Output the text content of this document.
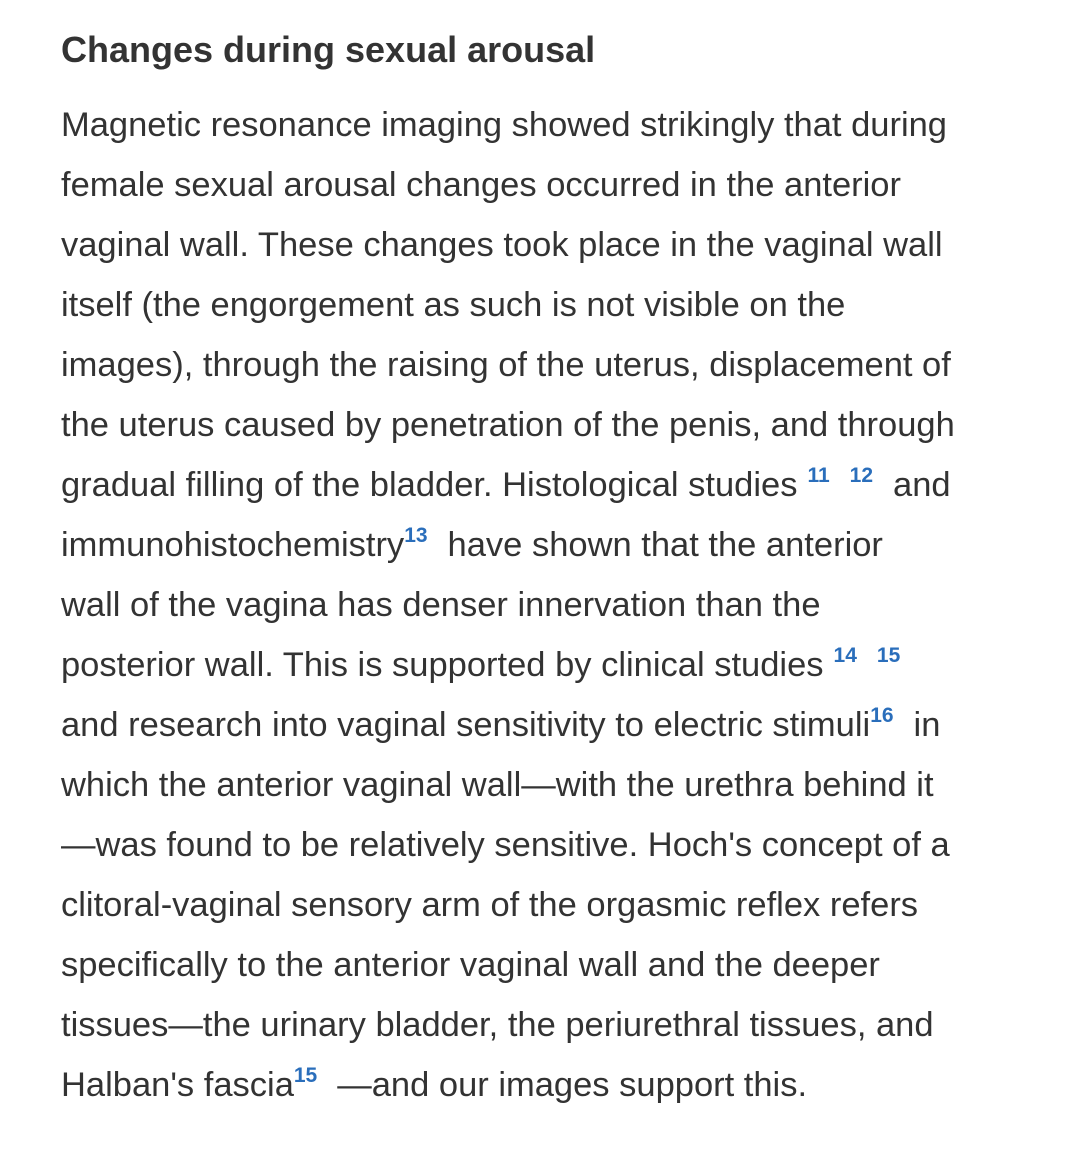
Changes during sexual arousal

Magnetic resonance imaging showed strikingly that during
female sexual arousal changes occurred in the anterior
vaginal wall. These changes took place in the vaginal wall
itself (the engorgement as such is not visible on the
images), through the raising of the uterus, displacement of
the uterus caused by penetration of the penis, and through
gradual filling of the bladder. Histological studies $^{11}$ $^{12}$ and
immunohistochemistry$^{13}$ have shown that the anterior
wall of the vagina has denser innervation than the
posterior wall. This is supported by clinical studies $^{14}$ $^{15}$
and research into vaginal sensitivity to electric stimuli$^{16}$ in
which the anterior vaginal wall—with the urethra behind it
—was found to be relatively sensitive. Hoch's concept of a
clitoral-vaginal sensory arm of the orgasmic reflex refers
specifically to the anterior vaginal wall and the deeper
tissues—the urinary bladder, the periurethral tissues, and
Halban's fascia$^{15}$ —and our images support this.
